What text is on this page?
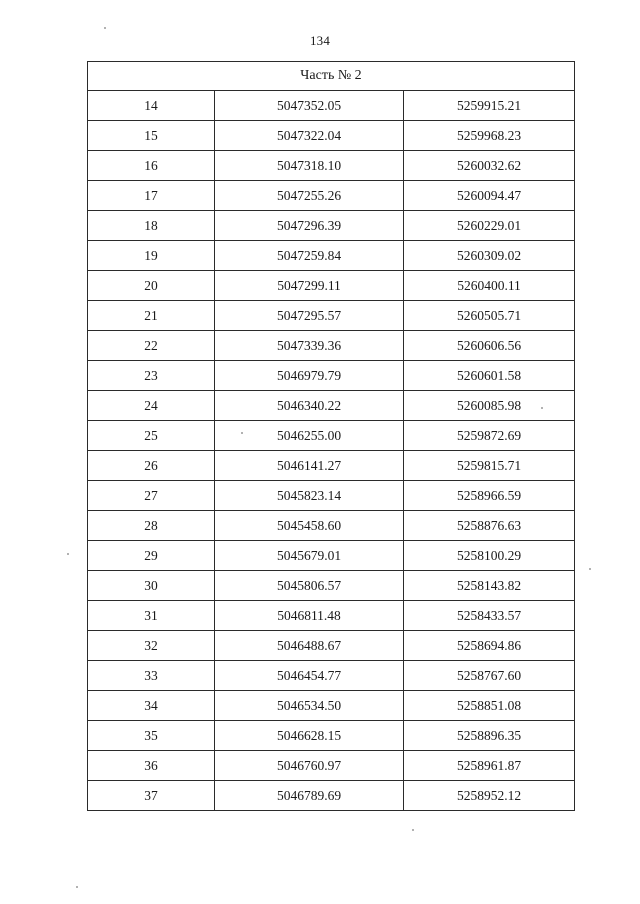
134
Часть № 2		
14	5047352.05	5259915.21
15	5047322.04	5259968.23
16	5047318.10	5260032.62
17	5047255.26	5260094.47
18	5047296.39	5260229.01
19	5047259.84	5260309.02
20	5047299.11	5260400.11
21	5047295.57	5260505.71
22	5047339.36	5260606.56
23	5046979.79	5260601.58
24	5046340.22	5260085.98
25	5046255.00	5259872.69
26	5046141.27	5259815.71
27	5045823.14	5258966.59
28	5045458.60	5258876.63
29	5045679.01	5258100.29
30	5045806.57	5258143.82
31	5046811.48	5258433.57
32	5046488.67	5258694.86
33	5046454.77	5258767.60
34	5046534.50	5258851.08
35	5046628.15	5258896.35
36	5046760.97	5258961.87
37	5046789.69	5258952.12
